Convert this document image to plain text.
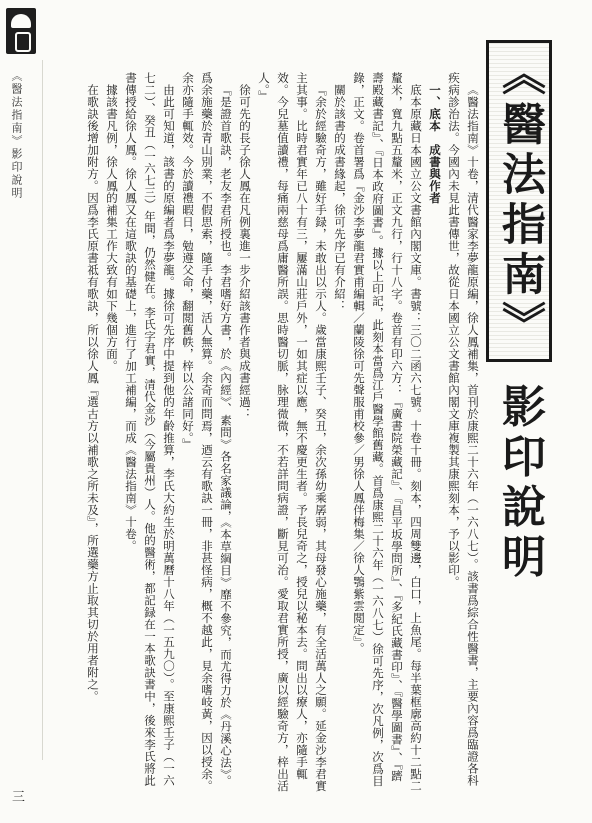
《醫法指南》影印說明	《醫法指南》 影印說明

《醫法指南》十卷，清代醫家李夢龍原編，徐人鳳補集，首刊於康熙二十六年（一六八七）。該書爲綜合性醫書，主要內容爲臨證各科疾病診治法。今國內未見此書傳世，故從日本國立公文書館內閣文庫複製其康熙刻本，予以影印。

一、底本　成書與作者

底本原藏日本國立公文書館內閣文庫。書號：三〇二函六七號。十卷十冊。刻本，四周雙邊，白口，上魚尾。每半葉框廓高約十二點二釐米，寬九點五釐米，正文九行，行十八字。卷首有印六方：『廣書院榮藏記』、『昌平坂學問所』、『多紀氏藏書印』、『醫學圖書』、『躋壽殿藏書記』、『日本政府圖書』。據以上印記，此刻本當爲江戶醫學館舊藏。首爲康熙二十六年（一六八七）徐可先序，次凡例，次爲目錄，正文。卷首署爲『金沙李夢龍君實甫編輯／蘭陵徐可先聲服甫校參／男徐人鳳伴梅集／徐人鶚紫雲閲定』。

關於該書的成書緣起，徐可先序已有介紹：

『余於經驗奇方，雖好手録，未敢出以示人。歲當康熙壬子、癸丑，余次孫幼乘孱弱，其母發心施藥，有全活萬人之願。延金沙李君實主其事。比時君實年已八十有三，屢滿山莊戶外，一如其症以應，無不慶更生者。予長兒奇之，授兒以秘本去。問出以療人，亦隨手輒效。今兒墓值讀禮，每痛兩慈母爲庸醫所誤。思時醫切脈，脉理微微，不若詳問病證，斷見可治。愛取君實所授，廣以經驗奇方，梓出活人。』

徐可先的長子徐人鳳在凡例裏進一步介紹該書作者與成書經過：

『是證首歌訣，老友李君所授也。李君嗜好方書，於《內經》、素問》各名家議論，《本草綱目》靡不參究，而尤得力於《丹溪心法》。爲余施藥於青山別業，不假思索，隨手付藥，活人無算。余奇而問焉，迺云有歌訣一冊，非甚怪病，概不越此，見余嗜岐黃，因以授余。余亦隨手輒效。今於讀禮暇日，勉遵父命，翻閲舊帙，梓以公諸同好。』

由此可知道，該書的原編者爲李夢龍。據徐可先序中提到他的年齡推算，李氏大約生於明萬曆十八年（一五九〇）。至康熙壬子（一六七二）、癸丑（一六七三）年間，仍然健在。李氏字君實，清代金沙（今屬貴州）人。他的醫術，都記録在一本歌訣書中，後來李氏將此書傳授給徐人鳳。徐人鳳又在這歌訣的基礎上，進行了加工補編，而成《醫法指南》十卷。

據該書凡例，徐人鳳的補集工作大致有如下幾個方面。

在歌訣後增加附方。因爲李氏原書祗有歌訣，所以徐人鳳『選古方以補歌之所未及』，所選藥方止取其切於用者附之。

三
